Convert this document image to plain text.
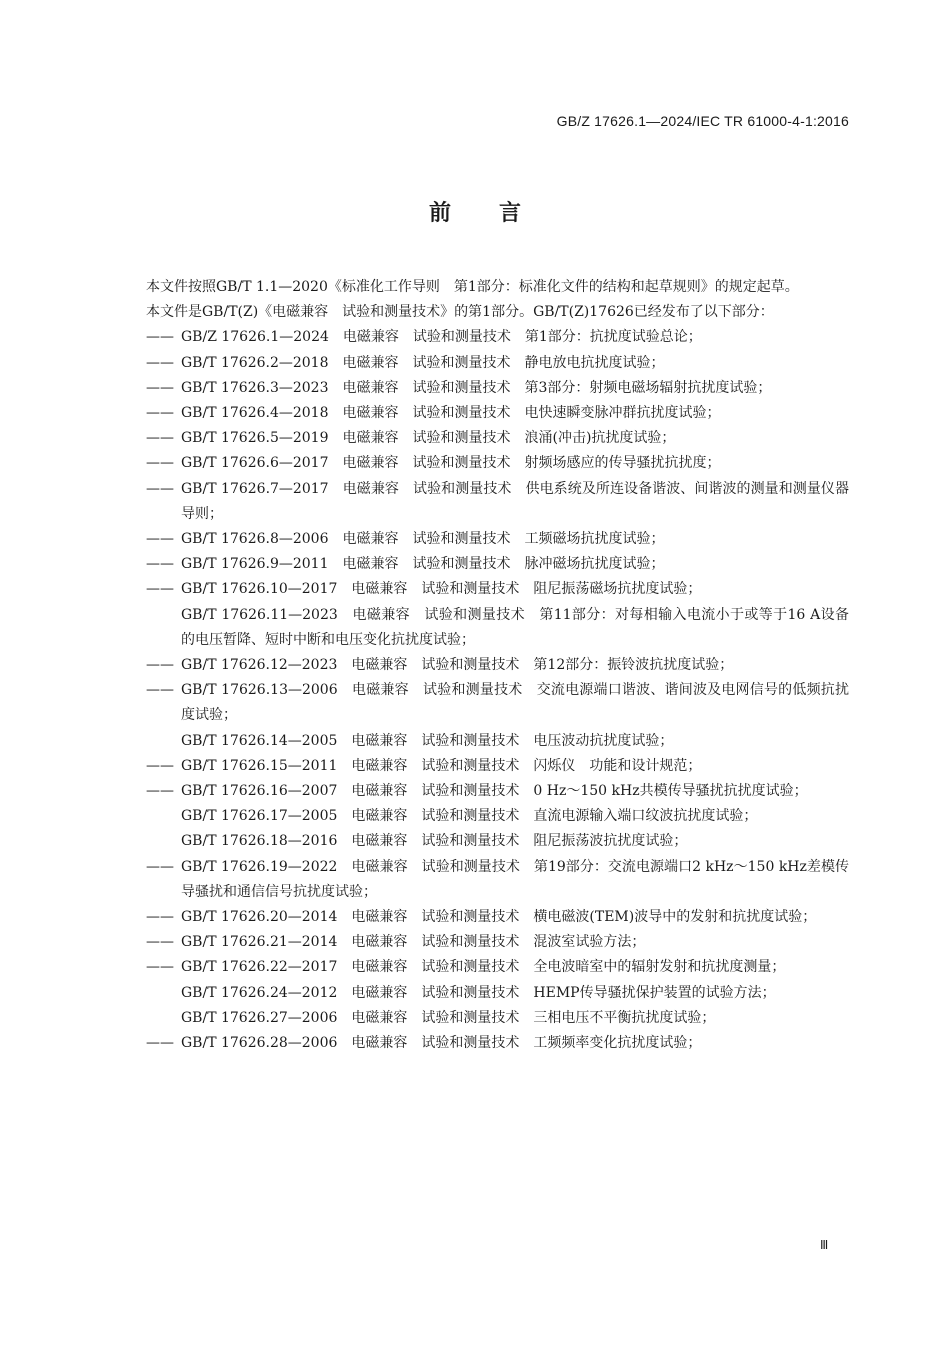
GB/Z 17626.1—2024/IEC TR 61000-4-1:2016
前 言

本文件按照GB/T 1.1—2020《标准化工作导则　第1部分：标准化文件的结构和起草规则》的规定起草。

本文件是GB/T(Z)《电磁兼容　试验和测量技术》的第1部分。GB/T(Z)17626已经发布了以下部分：

—— GB/Z 17626.1—2024　电磁兼容　试验和测量技术　第1部分：抗扰度试验总论；
—— GB/T 17626.2—2018　电磁兼容　试验和测量技术　静电放电抗扰度试验；
—— GB/T 17626.3—2023　电磁兼容　试验和测量技术　第3部分：射频电磁场辐射抗扰度试验；
—— GB/T 17626.4—2018　电磁兼容　试验和测量技术　电快速瞬变脉冲群抗扰度试验；
—— GB/T 17626.5—2019　电磁兼容　试验和测量技术　浪涌(冲击)抗扰度试验；
—— GB/T 17626.6—2017　电磁兼容　试验和测量技术　射频场感应的传导骚扰抗扰度；
—— GB/T 17626.7—2017　电磁兼容　试验和测量技术　供电系统及所连设备谐波、间谐波的测量和测量仪器导则；
—— GB/T 17626.8—2006　电磁兼容　试验和测量技术　工频磁场抗扰度试验；
—— GB/T 17626.9—2011　电磁兼容　试验和测量技术　脉冲磁场抗扰度试验；
—— GB/T 17626.10—2017　电磁兼容　试验和测量技术　阻尼振荡磁场抗扰度试验；
GB/T 17626.11—2023　电磁兼容　试验和测量技术　第11部分：对每相输入电流小于或等于16 A设备的电压暂降、短时中断和电压变化抗扰度试验；
—— GB/T 17626.12—2023　电磁兼容　试验和测量技术　第12部分：振铃波抗扰度试验；
—— GB/T 17626.13—2006　电磁兼容　试验和测量技术　交流电源端口谐波、谐间波及电网信号的低频抗扰度试验；
GB/T 17626.14—2005　电磁兼容　试验和测量技术　电压波动抗扰度试验；
—— GB/T 17626.15—2011　电磁兼容　试验和测量技术　闪烁仪　功能和设计规范；
—— GB/T 17626.16—2007　电磁兼容　试验和测量技术　0 Hz～150 kHz共模传导骚扰抗扰度试验；
GB/T 17626.17—2005　电磁兼容　试验和测量技术　直流电源输入端口纹波抗扰度试验；
GB/T 17626.18—2016　电磁兼容　试验和测量技术　阻尼振荡波抗扰度试验；
—— GB/T 17626.19—2022　电磁兼容　试验和测量技术　第19部分：交流电源端口2 kHz～150 kHz差模传导骚扰和通信信号抗扰度试验；
—— GB/T 17626.20—2014　电磁兼容　试验和测量技术　横电磁波(TEM)波导中的发射和抗扰度试验；
—— GB/T 17626.21—2014　电磁兼容　试验和测量技术　混波室试验方法；
—— GB/T 17626.22—2017　电磁兼容　试验和测量技术　全电波暗室中的辐射发射和抗扰度测量；
GB/T 17626.24—2012　电磁兼容　试验和测量技术　HEMP传导骚扰保护装置的试验方法；
GB/T 17626.27—2006　电磁兼容　试验和测量技术　三相电压不平衡抗扰度试验；
—— GB/T 17626.28—2006　电磁兼容　试验和测量技术　工频频率变化抗扰度试验；
Ⅲ
